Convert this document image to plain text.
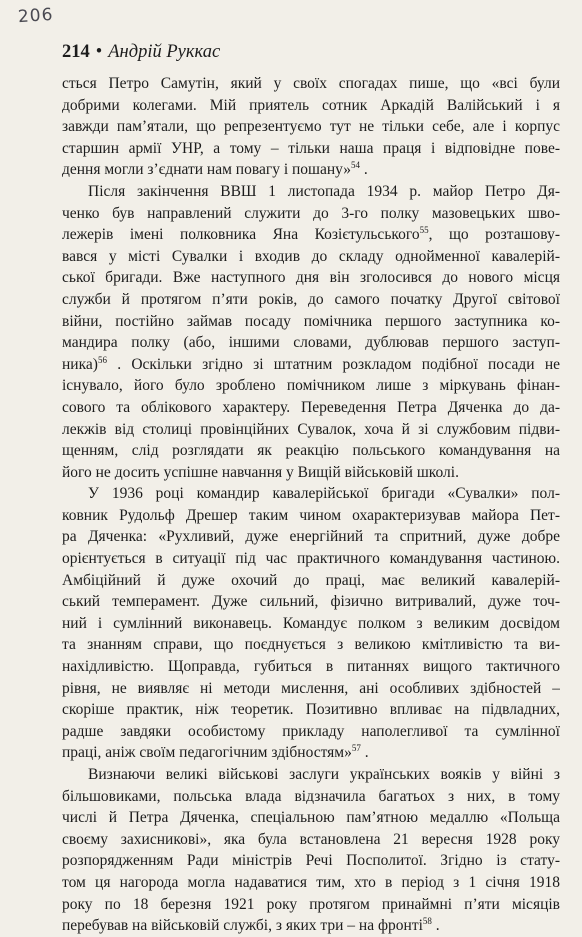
206
214 • Андрій Руккас
сться Петро Самутін, який у своїх спогадах пише, що «всі були
добрими колегами. Мій приятель сотник Аркадій Валійський і я
завжди пам’ятали, що репрезентуємо тут не тільки себе, але і корпус
старшин армії УНР, а тому – тільки наша праця і відповідне пове-
дення могли з’єднати нам повагу і пошану»$^{54}$ .
Після закінчення ВВШ 1 листопада 1934 р. майор Петро Дя-
ченко був направлений служити до 3-го полку мазовецьких шво-
лежерів імені полковника Яна Козієтульського$^{55}$, що розташову-
вався у місті Сувалки і входив до складу однойменної кавалерій-
ської бригади. Вже наступного дня він зголосився до нового місця
служби й протягом п’яти років, до самого початку Другої світової
війни, постійно займав посаду помічника першого заступника ко-
мандира полку (або, іншими словами, дублював першого заступ-
ника)$^{56}$ . Оскільки згідно зі штатним розкладом подібної посади не
існувало, його було зроблено помічником лише з міркувань фінан-
сового та облікового характеру. Переведення Петра Дяченка до да-
лекжів від столиці провінційних Сувалок, хоча й зі службовим підви-
щенням, слід розглядати як реакцію польського командування на
його не досить успішне навчання у Вищій військовій школі.
У 1936 році командир кавалерійської бригади «Сувалки» пол-
ковник Рудольф Дрешер таким чином охарактеризував майора Пет-
ра Дяченка: «Рухливий, дуже енергійний та спритний, дуже добре
орієнтується в ситуації під час практичного командування частиною.
Амбіційний й дуже охочий до праці, має великий кавалерій-
ський темперамент. Дуже сильний, фізично витривалий, дуже точ-
ний і сумлінний виконавець. Командує полком з великим досвідом
та знанням справи, що поєднується з великою кмітливістю та ви-
нахідливістю. Щоправда, губиться в питаннях вищого тактичного
рівня, не виявляє ні методи мислення, ані особливих здібностей –
скоріше практик, ніж теоретик. Позитивно впливає на підвладних,
радше завдяки особистому прикладу наполегливої та сумлінної
праці, аніж своїм педагогічним здібностям»$^{57}$ .
Визнаючи великі військові заслуги українських вояків у війні з
більшовиками, польська влада відзначила багатьох з них, в тому
числі й Петра Дяченка, спеціальною пам’ятною медаллю «Польща
своєму захисникові», яка була встановлена 21 вересня 1928 року
розпорядженням Ради міністрів Речі Посполитої. Згідно із стату-
том ця нагорода могла надаватися тим, хто в період з 1 січня 1918
року по 18 березня 1921 року протягом принаймні п’яти місяців
перебував на військовій службі, з яких три – на фронті$^{58}$ .
